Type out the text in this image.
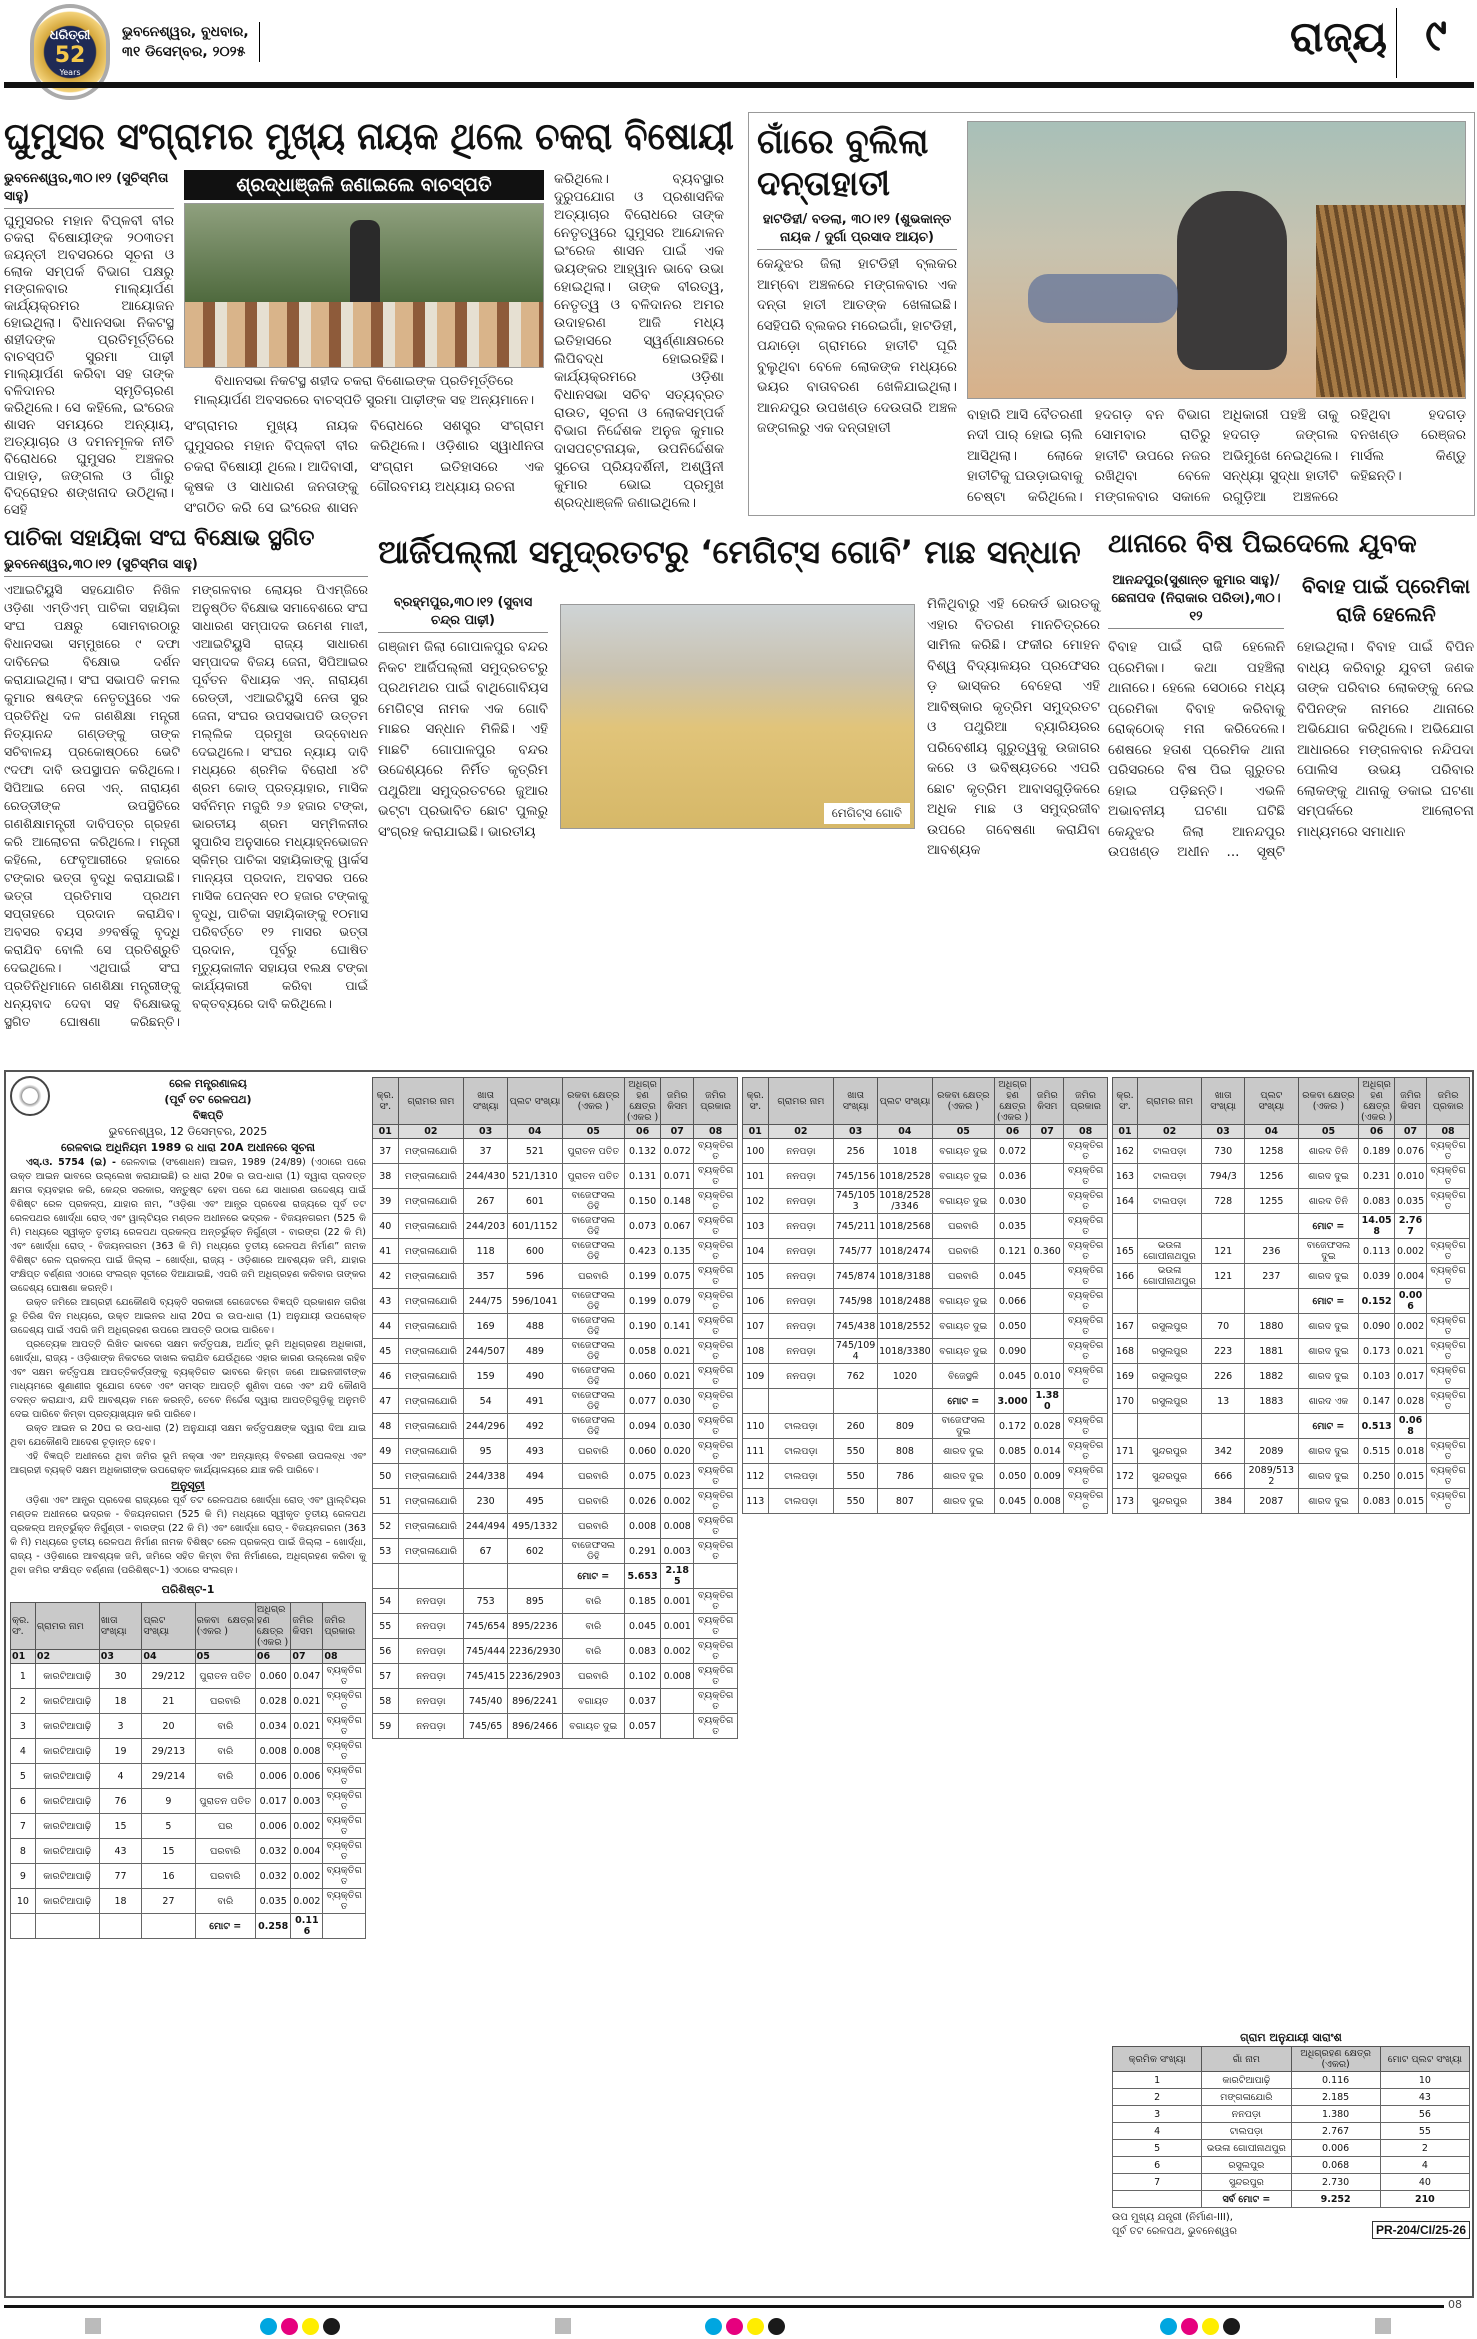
ଧରିତ୍ରୀ
52
Years
ଭୁବନେଶ୍ୱର, ବୁଧବାର,
୩୧ ଡିସେମ୍ବର, ୨୦୨୫	ରାଜ୍ୟ ୯
ଘୁମୁସର ସଂଗ୍ରାମର ମୁଖ୍ୟ ନାୟକ ଥିଲେ ଚକରା ବିଷୋୟୀ
ଭୁବନେଶ୍ୱର,୩୦।୧୨ (ସୁଚିସ୍ମିତା ସାହୁ)

ଘୁମୁସରର ମହାନ ବିପ୍ଳବୀ ବୀର ଚକରା ବିଷୋୟୀଙ୍କ ୨୦୩ତମ ଜୟନ୍ତୀ ଅବସରରେ ସୂଚନା ଓ ଲୋକ ସମ୍ପର୍କ ବିଭାଗ ପକ୍ଷରୁ ମଙ୍ଗଳବାର ମାଲ୍ୟାର୍ପଣ କାର୍ଯ୍ୟକ୍ରମର ଆୟୋଜନ ହୋଇଥିଲା। ବିଧାନସଭା ନିକଟସ୍ଥ ଶହୀଦଙ୍କ ପ୍ରତିମୂର୍ତ୍ତିରେ ବାଚସ୍ପତି ସୁରମା ପାଢ଼ୀ ମାଲ୍ୟାର୍ପଣ କରିବା ସହ ତାଙ୍କ ବଳିଦାନର ସ୍ମୃତିଚାରଣ କରିଥିଲେ। ସେ କହିଲେ, ଇଂରେଜ ଶାସନ ସମୟରେ ଅନ୍ୟାୟ, ଅତ୍ୟାଚାର ଓ ଦମନମୂଳକ ନୀତି ବିରୋଧରେ ଘୁମୁସର ଅଞ୍ଚଳର ପାହାଡ଼, ଜଙ୍ଗଲ ଓ ଗାଁରୁ ବିଦ୍ରୋହର ଶଙ୍ଖନାଦ ଉଠିଥିଲା। ସେହି

ଶ୍ରଦ୍ଧାଞ୍ଜଳି ଜଣାଇଲେ ବାଚସ୍ପତି
ବିଧାନସଭା ନିକଟସ୍ଥ ଶହୀଦ ଚକରା ବିଶୋଇଙ୍କ ପ୍ରତିମୂର୍ତ୍ତିରେ ମାଲ୍ୟାର୍ପଣ ଅବସରରେ ବାଚସ୍ପତି ସୁରମା ପାଢ଼ୀଙ୍କ ସହ ଅନ୍ୟମାନେ।

ସଂଗ୍ରାମର ମୁଖ୍ୟ ନାୟକ ଘୁମୁସରର ମହାନ ବିପ୍ଳବୀ ବୀର ଚକରା ବିଷୋୟୀ ଥିଲେ। ଆଦିବାସୀ, କୃଷକ ଓ ସାଧାରଣ ଜନତାଙ୍କୁ ସଂଗଠିତ କରି ସେ ଇଂରେଜ ଶାସନ ବିରୋଧରେ ସଶସ୍ତ୍ର ସଂଗ୍ରାମ କରିଥିଲେ। ଓଡ଼ିଶାର ସ୍ୱାଧୀନତା ସଂଗ୍ରାମ ଇତିହାସରେ ଏକ ଗୌରବମୟ ଅଧ୍ୟାୟ ରଚନା

କରିଥିଲେ। ବ୍ୟବସ୍ଥାର ଦୁରୁପଯୋଗ ଓ ପ୍ରଶାସନିକ ଅତ୍ୟାଚାର ବିରୋଧରେ ତାଙ୍କ ନେତୃତ୍ୱରେ ଘୁମୁସର ଆନ୍ଦୋଳନ ଇଂରେଜ ଶାସନ ପାଇଁ ଏକ ଭୟଙ୍କର ଆହ୍ୱାନ ଭାବେ ଉଭା ହୋଇଥିଲା। ତାଙ୍କ ବୀରତ୍ୱ, ନେତୃତ୍ୱ ଓ ବଳିଦାନର ଅମର ଉଦାହରଣ ଆଜି ମଧ୍ୟ ଇତିହାସରେ ସ୍ୱର୍ଣ୍ଣାକ୍ଷରରେ ଲିପିବଦ୍ଧ ହୋଇରହିଛି। କାର୍ଯ୍ୟକ୍ରମରେ ଓଡ଼ିଶା ବିଧାନସଭା ସଚିବ ସତ୍ୟବ୍ରତ ରାଉତ, ସୂଚନା ଓ ଲୋକସମ୍ପର୍କ ବିଭାଗ ନିର୍ଦ୍ଦେଶକ ଅନୁଜ କୁମାର ଦାସପଟ୍ଟନାୟକ, ଉପନିର୍ଦ୍ଦେଶକ ସୁଚେତା ପ୍ରିୟଦର୍ଶିନୀ, ଅଶ୍ୱିନୀ କୁମାର ଭୋଇ ପ୍ରମୁଖ ଶ୍ରଦ୍ଧାଞ୍ଜଳି ଜଣାଇଥିଲେ।

ଗାଁରେ ବୁଲିଲା ଦନ୍ତାହାତୀ
ହାଟଡିହୀ/ ବଡଲା, ୩୦।୧୨ (ଶୁଭକାନ୍ତ ନାୟକ / ଦୁର୍ଗା ପ୍ରସାଦ ଆୟଚ)

କେନ୍ଦୁଝର ଜିଲା ହାଟଡିହୀ ବ୍ଲକର ଆମ୍ବୋ ଅଞ୍ଚଳରେ ମଙ୍ଗଳବାର ଏକ ଦନ୍ତା ହାତୀ ଆତଙ୍କ ଖେଳାଇଛି। ସେହିପରି ବ୍ଲକର ମରେଇଗାଁ, ହାଟଡିହୀ, ପନ୍ଦାଡ଼ୋ ଗ୍ରାମରେ ହାତୀଟି ଘୂରି ବୁଲୁଥିବା ବେଳେ ଲୋକଙ୍କ ମଧ୍ୟରେ ଭୟର ବାତାବରଣ ଖେଳିଯାଇଥିଲା। ଆନନ୍ଦପୁର ଉପଖଣ୍ଡ ଦେଉତାରି ଅଞ୍ଚଳ ଜଙ୍ଗଲରୁ ଏକ ଦନ୍ତାହାତୀ

ବାହାରି ଆସି ବୈତରଣୀ ନଦୀ ପାର୍ ହୋଇ ଚାଲି ଆସିଥିଲା। ଲୋକେ ହାତୀଟିକୁ ଘଉଡ଼ାଇବାକୁ ଚେଷ୍ଟା କରିଥିଲେ। ହଦଗଡ଼ ବନ ବିଭାଗ ସୋମବାର ରାତିରୁ ହାତୀଟି ଉପରେ ନଜର ରଖିଥିବା ବେଳେ ମଙ୍ଗଳବାର ସକାଳେ ଅଧିକାରୀ ପହଞ୍ଚି ତାକୁ ହଦଗଡ଼ ଜଙ୍ଗଲ ଅଭିମୁଖେ ନେଇଥିଲେ। ସନ୍ଧ୍ୟା ସୁଦ୍ଧା ହାତୀଟି ରଗୁଡ଼ିଆ ଅଞ୍ଚଳରେ ରହିଥିବା ହଦଗଡ଼ ବନଖଣ୍ଡ ରେଞ୍ଜର ମାର୍ସଲ କିଣ୍ଡୁ କହିଛନ୍ତି।

ପାଚିକା ସହାୟିକା ସଂଘ ବିକ୍ଷୋଭ ସ୍ଥଗିତ
ଭୁବନେଶ୍ୱର,୩୦।୧୨ (ସୁଚିସ୍ମିତା ସାହୁ)

ଏଆଇଟିୟୁସି ସହଯୋଗିତ ନିଖିଳ ଓଡ଼ିଶା ଏମ୍‌ଡିଏମ୍ ପାଚିକା ସହାୟିକା ସଂଘ ପକ୍ଷରୁ ସୋମବାରଠାରୁ ବିଧାନସଭା ସମ୍ମୁଖରେ ୯ ଦଫା ଦାବିନେଇ ବିକ୍ଷୋଭ ଦର୍ଶନ କରାଯାଇଥିଲା। ସଂଘ ସଭାପତି କମଲ କୁମାର ଷଣ୍ଢଙ୍କ ନେତୃତ୍ୱରେ ଏକ ପ୍ରତିନିଧି ଦଳ ଗଣଶିକ୍ଷା ମନ୍ତ୍ରୀ ନିତ୍ୟାନନ୍ଦ ଗଣ୍ଡଙ୍କୁ ତାଙ୍କ ସଚିବାଳୟ ପ୍ରକୋଷ୍ଠରେ ଭେଟି ୯ଦଫା ଦାବି ଉପସ୍ଥାପନ କରିଥିଲେ। ସିପିଆଇ ନେତା ଏନ୍. ନାରାୟଣ ରେଡ୍ଡୀଙ୍କ ଉପସ୍ଥିତିରେ ଗଣଶିକ୍ଷାମନ୍ତ୍ରୀ ଦାବିପତ୍ର ଗ୍ରହଣ କରି ଆଲୋଚନା କରିଥିଲେ। ମନ୍ତ୍ରୀ କହିଲେ, ଫେବୃଆରୀରେ ହଜାରେ ଟଙ୍କାର ଭତ୍ତା ବୃଦ୍ଧି କରାଯାଇଛି। ଭତ୍ତା ପ୍ରତିମାସ ପ୍ରଥମ ସପ୍ତାହରେ ପ୍ରଦାନ କରାଯିବ। ଅବସର ବୟସ ୬୨ବର୍ଷକୁ ବୃଦ୍ଧି କରାଯିବ ବୋଲି ସେ ପ୍ରତିଶ୍ରୁତି ଦେଇଥିଲେ। ଏଥିପାଇଁ ସଂଘ ପ୍ରତିନିଧିମାନେ ଗଣଶିକ୍ଷା ମନ୍ତ୍ରୀଙ୍କୁ ଧନ୍ୟବାଦ ଦେବା ସହ ବିକ୍ଷୋଭକୁ ସ୍ଥଗିତ ଘୋଷଣା କରିଛନ୍ତି। ମଙ୍ଗଳବାର ଲୋୟର ପିଏମ୍‌ଜିରେ ଅନୁଷ୍ଠିତ ବିକ୍ଷୋଭ ସମାବେଶରେ ସଂଘ ସାଧାରଣ ସମ୍ପାଦକ ଉମେଶ ମାଝୀ, ଏଆଇଟିୟୁସି ରାଜ୍ୟ ସାଧାରଣ ସମ୍ପାଦକ ବିଜୟ ଜେନା, ସିପିଆଇର ପୂର୍ବତନ ବିଧାୟକ ଏନ୍. ନାରାୟଣ ରେଡ୍ଡୀ, ଏଆଇଟିୟୁସି ନେତା ସୁର ଜେନା, ସଂଘର ଉପସଭାପତି ଉତ୍ତମ ମଲ୍ଲିକ ପ୍ରମୁଖ ଉଦ୍‌ବୋଧନ ଦେଇଥିଲେ। ସଂଘର ନ୍ୟାୟ ଦାବି ମଧ୍ୟରେ ଶ୍ରମିକ ବିରୋଧୀ ୪ଟି ଶ୍ରମ କୋଡ୍ ପ୍ରତ୍ୟାହାର, ମାସିକ ସର୍ବନିମ୍ନ ମଜୁରି ୨୬ ହଜାର ଟଙ୍କା, ଭାରତୀୟ ଶ୍ରମ ସମ୍ମିଳନୀର ସୁପାରିସ ଅନୁସାରେ ମଧ୍ୟାହ୍ନଭୋଜନ ସ୍କିମ୍‌ର ପାଚିକା ସହାୟିକାଙ୍କୁ ୱାର୍କସ ମାନ୍ୟତା ପ୍ରଦାନ, ଅବସର ପରେ ମାସିକ ପେନ୍‌ସନ ୧୦ ହଜାର ଟଙ୍କାକୁ ବୃଦ୍ଧି, ପାଚିକା ସହାୟିକାଙ୍କୁ ୧୦ମାସ ପରିବର୍ତ୍ତେ ୧୨ ମାସର ଭତ୍ତା ପ୍ରଦାନ, ପୂର୍ବରୁ ଘୋଷିତ ମୃତ୍ୟୁକାଳୀନ ସହାୟତା ୧ଲକ୍ଷ ଟଙ୍କା କାର୍ଯ୍ୟକାରୀ କରିବା ପାଇଁ ବକ୍ତବ୍ୟରେ ଦାବି କରିଥିଲେ।

ଆର୍ଜିପଲ୍ଲୀ ସମୁଦ୍ରତଟରୁ ‘ମେଗିଟ୍ସ ଗୋବି’ ମାଛ ସନ୍ଧାନ
ବ୍ରହ୍ମପୁର,୩୦।୧୨ (ସୁବାସ ଚନ୍ଦ୍ର ପାଢ଼ୀ)

ଗଞ୍ଜାମ ଜିଲା ଗୋପାଳପୁର ବନ୍ଦର ନିକଟ ଆର୍ଜିପଲ୍ଲୀ ସମୁଦ୍ରତଟରୁ ପ୍ରଥମଥର ପାଇଁ ବାଥିଗୋବିୟସ ମେଗିଟ୍ସ ନାମକ ଏକ ଗୋବି ମାଛର ସନ୍ଧାନ ମିଳିଛି। ଏହି ମାଛଟି ଗୋପାଳପୁର ବନ୍ଦର ଉଦ୍ଦେଶ୍ୟରେ ନିର୍ମିତ କୃତ୍ରିମ ପଥୁରିଆ ସମୁଦ୍ରତଟରେ ଜୁଆର ଭଟ୍ଟା ପ୍ରଭାବିତ ଛୋଟ ପୁଲରୁ ସଂଗ୍ରହ କରାଯାଇଛି। ଭାରତୀୟ

ମେଗିଟ୍ସ ଗୋବି

ମିଳିଥିବାରୁ ଏହି ରେକର୍ଡ ଭାରତକୁ ଏହାର ବିତରଣ ମାନଚିତ୍ରରେ ସାମିଲ କରିଛି। ଫକୀର ମୋହନ ବିଶ୍ୱ ବିଦ୍ୟାଳୟର ପ୍ରଫେସର ଡ଼ ଭାସ୍କର ବେହେରା ଏହି ଆବିଷ୍କାର କୃତ୍ରିମ ସମୁଦ୍ରତଟ ଓ ପଥୁରିଆ ବ୍ୟାରିୟରର ପରିବେଶୀୟ ଗୁରୁତ୍ୱକୁ ଉଜାଗର କରେ ଓ ଭବିଷ୍ୟତରେ ଏପରି ଛୋଟ କୃତ୍ରିମ ଆବାସଗୁଡ଼ିକରେ ଅଧିକ ମାଛ ଓ ସମୁଦ୍ରଜୀବ ଉପରେ ଗବେଷଣା କରାଯିବା ଆବଶ୍ୟକ

ଥାନାରେ ବିଷ ପିଇଦେଲେ ଯୁବକ
ଆନନ୍ଦପୁର(ସୁଶାନ୍ତ କୁମାର ସାହୁ)/ ଛେନାପଦ (ନିରାକାର ପରିଡା),୩୦।୧୨
ବିବାହ ପାଇଁ ପ୍ରେମିକା ରାଜି ହେଲେନି

ବିବାହ ପାଇଁ ରାଜି ହେଲେନି ପ୍ରେମିକା। କଥା ପହଞ୍ଚିଲା ଥାନାରେ। ହେଲେ ସେଠାରେ ମଧ୍ୟ ପ୍ରେମିକା ବିବାହ କରିବାକୁ ରୋକ୍‌ଠୋକ୍ ମନା କରିଦେଲେ। ଶେଷରେ ହତାଶ ପ୍ରେମିକ ଥାନା ପରିସରରେ ବିଷ ପିଇ ଗୁରୁତର ହୋଇ ପଡ଼ିଛନ୍ତି। ଏଭଳି ଅଭାବନୀୟ ଘଟଣା ଘଟିଛି କେନ୍ଦୁଝର ଜିଲା ଆନନ୍ଦପୁର ଉପଖଣ୍ଡ ଅଧୀନ ... ସୃଷ୍ଟି ହୋଇଥିଲା। ବିବାହ ପାଇଁ ବିପିନ ବାଧ୍ୟ କରିବାରୁ ଯୁବତୀ ଜଣକ ତାଙ୍କ ପରିବାର ଲୋକଙ୍କୁ ନେଇ ବିପିନଙ୍କ ନାମରେ ଥାନାରେ ଅଭିଯୋଗ କରିଥିଲେ। ଅଭିଯୋଗ ଆଧାରରେ ମଙ୍ଗଳବାର ନନ୍ଦିପଦା ପୋଲିସ ଉଭୟ ପରିବାର ଲୋକଙ୍କୁ ଥାନାକୁ ଡକାଇ ଘଟଣା ସମ୍ପର୍କରେ ଆଲୋଚନା ମାଧ୍ୟମରେ ସମାଧାନ

ରେଳ ମନ୍ତ୍ରଣାଳୟ
(ପୂର୍ବ ତଟ ରେଳପଥ)
ବିଜ୍ଞପ୍ତି
ଭୁବନେଶ୍ୱର, 12 ଡିସେମ୍ବର, 2025
ରେଳବାଇ ଅଧିନିୟମ 1989 ର ଧାରା 20A ଅଧୀନରେ ସୂଚନା

ଏସ୍.ଓ. 5754 (ଇ) - ରେଳବାଇ (ସଂଶୋଧନ) ଆଇନ, 1989 (24/89) (ଏଠାରେ ପରେ ଉକ୍ତ ଆଇନ ଭାବରେ ଉଲ୍ଲେଖ କରାଯାଇଛି) ର ଧାରା 20କ ର ଉପ-ଧାରା (1) ଦ୍ୱାରା ପ୍ରଦତ୍ତ କ୍ଷମତା ବ୍ୟବହାର କରି, କେନ୍ଦ୍ର ସରକାର, ସନ୍ତୁଷ୍ଟ ହେବା ପରେ ଯେ ସାଧାରଣ ଉଦ୍ଦେଶ୍ୟ ପାଇଁ ବିଶିଷ୍ଟ ରେଳ ପ୍ରକଳ୍ପ, ଯାହାର ନାମ, “ଓଡ଼ିଶା ଏବଂ ଆନ୍ଧ୍ର ପ୍ରଦେଶ ରାଜ୍ୟରେ ପୂର୍ବ ତଟ ରେଳପଥର ଖୋର୍ଦ୍ଧା ରୋଡ୍ ଏବଂ ୱାଲ୍ଟିୟର ମଣ୍ଡଳ ଅଧୀନରେ ଭଦ୍ରକ - ବିଜୟନଗରମ (525 କି ମି) ମଧ୍ୟରେ ସ୍ୱୀକୃତ ତୃତୀୟ ରେଳପଥ ପ୍ରକଳ୍ପ ଅନ୍ତର୍ଭୁକ୍ତ ନିର୍ଗୁଣ୍ଡୀ - ବାରଙ୍ଗ (22 କି ମି) ଏବଂ ଖୋର୍ଦ୍ଧା ରୋଡ୍ - ବିଜୟନଗରମ (363 କି ମି) ମଧ୍ୟରେ ତୃତୀୟ ରେଳପଥ ନିର୍ମାଣ” ନାମକ ବିଶିଷ୍ଟ ରେଳ ପ୍ରକଳ୍ପ ପାଇଁ ଜିଲ୍ଲା – ଖୋର୍ଦ୍ଧା, ରାଜ୍ୟ - ଓଡ଼ିଶାରେ ଆବଶ୍ୟକ ଜମି, ଯାହାର ସଂକ୍ଷିପ୍ତ ବର୍ଣ୍ଣନା ଏଠାରେ ସଂଲଗ୍ନ ସୂଚୀରେ ଦିଆଯାଇଛି, ଏପରି ଜମି ଅଧିଗ୍ରହଣ କରିବାର ତାଙ୍କର ଉଦ୍ଦେଶ୍ୟ ଘୋଷଣା କରନ୍ତି।

ଉକ୍ତ ଜମିରେ ଆଗ୍ରହୀ ଯେକୌଣସି ବ୍ୟକ୍ତି ସରକାରୀ ଗେଜେଟରେ ବିଜ୍ଞପ୍ତି ପ୍ରକାଶନ ତାରିଖ ରୁ ତିରିଶ ଦିନ ମଧ୍ୟରେ, ଉକ୍ତ ଆଇନର ଧାରା 20ଘ ର ଉପ-ଧାରା (1) ଅନୁଯାୟୀ ଉପରୋକ୍ତ ଉଦ୍ଦେଶ୍ୟ ପାଇଁ ଏପରି ଜମି ଅଧିଗ୍ରହଣ ଉପରେ ଆପତ୍ତି ଉଠାଇ ପାରିବେ।

ପ୍ରତ୍ୟେକ ଆପତ୍ତି ଲିଖିତ ଭାବରେ ସକ୍ଷମ କର୍ତ୍ତୃପକ୍ଷ, ଅର୍ଥାତ୍ ଭୂମି ଅଧିଗ୍ରହଣ ଅଧିକାରୀ, ଖୋର୍ଦ୍ଧା, ରାଜ୍ୟ - ଓଡ଼ିଶାଙ୍କ ନିକଟରେ ଦାଖଲ କରାଯିବ ଯେଉଁଥିରେ ଏହାର କାରଣ ଉଲ୍ଲେଖ ରହିବ ଏବଂ ସକ୍ଷମ କର୍ତ୍ତୃପକ୍ଷ ଆପତ୍ତିକର୍ତ୍ତାଙ୍କୁ ବ୍ୟକ୍ତିଗତ ଭାବରେ କିମ୍ବା ଜଣେ ଆଇନଜୀବୀଙ୍କ ମାଧ୍ୟମରେ ଶୁଣାଣୀର ସୁଯୋଗ ଦେବେ ଏବଂ ସମସ୍ତ ଆପତ୍ତି ଶୁଣିବା ପରେ ଏବଂ ଯଦି କୌଣସି ତଦନ୍ତ କରାଯାଏ, ଯଦି ଆବଶ୍ୟକ ମନେ କରନ୍ତି, ତେବେ ନିର୍ଦ୍ଦେଶ ଦ୍ୱାରା ଆପତ୍ତିଗୁଡ଼ିକୁ ଅନୁମତି ଦେଇ ପାରିବେ କିମ୍ବା ପ୍ରତ୍ୟାଖ୍ୟାନ କରି ପାରିବେ।

ଉକ୍ତ ଆଇନ ର 20ଘ ର ଉପ-ଧାରା (2) ଅନୁଯାୟୀ ସକ୍ଷମ କର୍ତ୍ତୃପକ୍ଷଙ୍କ ଦ୍ୱାରା ଦିଆ ଯାଇ ଥିବା ଯେକୌଣସି ଆଦେଶ ଚୂଡ଼ାନ୍ତ ହେବ।

ଏହି ବିଜ୍ଞପ୍ତି ଅଧୀନରେ ଥିବା ଜମିର ଭୂମି ନକ୍ସା ଏବଂ ଅନ୍ୟାନ୍ୟ ବିବରଣୀ ଉପଲବ୍ଧ ଏବଂ ଆଗ୍ରହୀ ବ୍ୟକ୍ତି ସକ୍ଷମ ଅଧିକାରୀଙ୍କ ଉପରୋକ୍ତ କାର୍ଯ୍ୟାଳୟରେ ଯାଞ୍ଚ କରି ପାରିବେ।

ଅନୁସୂଚୀ

ଓଡ଼ିଶା ଏବଂ ଆନ୍ଧ୍ର ପ୍ରଦେଶ ରାଜ୍ୟରେ ପୂର୍ବ ତଟ ରେଳପଥର ଖୋର୍ଦ୍ଧା ରୋଡ୍ ଏବଂ ୱାଲ୍ଟିୟର ମଣ୍ଡଳ ଅଧୀନରେ ଭଦ୍ରକ - ବିଜୟନଗରମ (525 କି ମି) ମଧ୍ୟରେ ସ୍ୱୀକୃତ ତୃତୀୟ ରେଳପଥ ପ୍ରକଳ୍ପ ଅନ୍ତର୍ଭୁକ୍ତ ନିର୍ଗୁଣ୍ଡୀ - ବାରଙ୍ଗ (22 କି ମି) ଏବଂ ଖୋର୍ଦ୍ଧା ରୋଡ୍ - ବିଜୟନଗରମ (363 କି ମି) ମଧ୍ୟରେ ତୃତୀୟ ରେଳପଥ ନିର୍ମାଣ ନାମକ ବିଶିଷ୍ଟ ରେଳ ପ୍ରକଳ୍ପ ପାଇଁ ଜିଲ୍ଲା – ଖୋର୍ଦ୍ଧା, ରାଜ୍ୟ - ଓଡ଼ିଶାରେ ଆବଶ୍ୟକ ଜମି, ଜମିରେ ସହିତ କିମ୍ବା ବିନା ନିର୍ମାଣରେ, ଅଧିଗ୍ରହଣ କରିବା କୁ ଥିବା ଜମିର ସଂକ୍ଷିପ୍ତ ବର୍ଣ୍ଣନା (ପରିଶିଷ୍ଟ-1) ଏଠାରେ ସଂଲଗ୍ନ।

ପରିଶିଷ୍ଟ-1
କ୍ର. ସଂ.	ଗ୍ରାମର ନାମ	ଖାତା ସଂଖ୍ୟା	ପ୍ଲଟ ସଂଖ୍ୟା	ରକବା କ୍ଷେତ୍ର (ଏକର )	ଅଧିଗ୍ରହଣ କ୍ଷେତ୍ର (ଏକର )	ଜମିର କିସମ	ଜମିର ପ୍ରକାର
01	02	03	04	05	06	07	08
1	କାରଟିଆପାଢ଼ି	30	29/212	ପୁରାତନ ପତିତ	0.060	0.047	ବ୍ୟକ୍ତିଗତ
2	କାରଟିଆପାଢ଼ି	18	21	ଘରବାରି	0.028	0.021	ବ୍ୟକ୍ତିଗତ
3	କାରଟିଆପାଢ଼ି	3	20	ବାରି	0.034	0.021	ବ୍ୟକ୍ତିଗତ
4	କାରଟିଆପାଢ଼ି	19	29/213	ବାରି	0.008	0.008	ବ୍ୟକ୍ତିଗତ
5	କାରଟିଆପାଢ଼ି	4	29/214	ବାରି	0.006	0.006	ବ୍ୟକ୍ତିଗତ
6	କାରଟିଆପାଢ଼ି	76	9	ପୁରାତନ ପତିତ	0.017	0.003	ବ୍ୟକ୍ତିଗତ
7	କାରଟିଆପାଢ଼ି	15	5	ଘର	0.006	0.002	ବ୍ୟକ୍ତିଗତ
8	କାରଟିଆପାଢ଼ି	43	15	ଘରବାରି	0.032	0.004	ବ୍ୟକ୍ତିଗତ
9	କାରଟିଆପାଢ଼ି	77	16	ଘରବାରି	0.032	0.002	ବ୍ୟକ୍ତିଗତ
10	କାରଟିଆପାଢ଼ି	18	27	ବାରି	0.035	0.002	ବ୍ୟକ୍ତିଗତ
				ମୋଟ =	0.258	0.116	
କ୍ର. ସଂ.	ଗ୍ରାମର ନାମ	ଖାତା ସଂଖ୍ୟା	ପ୍ଲଟ ସଂଖ୍ୟା	ରକବା କ୍ଷେତ୍ର (ଏକର )	ଅଧିଗ୍ରହଣ କ୍ଷେତ୍ର (ଏକର )	ଜମିର କିସମ	ଜମିର ପ୍ରକାର
01	02	03	04	05	06	07	08
37	ମଙ୍ଗଳାଯୋରି	37	521	ପୁରାତନ ପତିତ	0.132	0.072	ବ୍ୟକ୍ତିଗତ
38	ମଙ୍ଗଳାଯୋରି	244/430	521/1310	ପୁରାତନ ପତିତ	0.131	0.071	ବ୍ୟକ୍ତିଗତ
39	ମଙ୍ଗଳାଯୋରି	267	601	ବାଜେଫସଲ ଡିହି	0.150	0.148	ବ୍ୟକ୍ତିଗତ
40	ମଙ୍ଗଳାଯୋରି	244/203	601/1152	ବାଜେଫସଲ ଡିହି	0.073	0.067	ବ୍ୟକ୍ତିଗତ
41	ମଙ୍ଗଳାଯୋରି	118	600	ବାଜେଫସଲ ଡିହି	0.423	0.135	ବ୍ୟକ୍ତିଗତ
42	ମଙ୍ଗଳାଯୋରି	357	596	ଘରବାରି	0.199	0.075	ବ୍ୟକ୍ତିଗତ
43	ମଙ୍ଗଳାଯୋରି	244/75	596/1041	ବାଜେଫସଲ ଡିହି	0.199	0.079	ବ୍ୟକ୍ତିଗତ
44	ମଙ୍ଗଳାଯୋରି	169	488	ବାଜେଫସଲ ଡିହି	0.190	0.141	ବ୍ୟକ୍ତିଗତ
45	ମଙ୍ଗଳାଯୋରି	244/507	489	ବାଜେଫସଲ ଡିହି	0.058	0.021	ବ୍ୟକ୍ତିଗତ
46	ମଙ୍ଗଳାଯୋରି	159	490	ବାଜେଫସଲ ଡିହି	0.060	0.021	ବ୍ୟକ୍ତିଗତ
47	ମଙ୍ଗଳାଯୋରି	54	491	ବାଜେଫସଲ ଡିହି	0.077	0.030	ବ୍ୟକ୍ତିଗତ
48	ମଙ୍ଗଳାଯୋରି	244/296	492	ବାଜେଫସଲ ଡିହି	0.094	0.030	ବ୍ୟକ୍ତିଗତ
49	ମଙ୍ଗଳାଯୋରି	95	493	ଘରବାରି	0.060	0.020	ବ୍ୟକ୍ତିଗତ
50	ମଙ୍ଗଳାଯୋରି	244/338	494	ଘରବାରି	0.075	0.023	ବ୍ୟକ୍ତିଗତ
51	ମଙ୍ଗଳାଯୋରି	230	495	ଘରବାରି	0.026	0.002	ବ୍ୟକ୍ତିଗତ
52	ମଙ୍ଗଳାଯୋରି	244/494	495/1332	ଘରବାରି	0.008	0.008	ବ୍ୟକ୍ତିଗତ
53	ମଙ୍ଗଳାଯୋରି	67	602	ବାଜେଫସଲ ଡିହି	0.291	0.003	ବ୍ୟକ୍ତିଗତ
				ମୋଟ =	5.653	2.185	
54	ନନପଡ଼ା	753	895	ବାରି	0.185	0.001	ବ୍ୟକ୍ତିଗତ
55	ନନପଡ଼ା	745/654	895/2236	ବାରି	0.045	0.001	ବ୍ୟକ୍ତିଗତ
56	ନନପଡ଼ା	745/444	2236/2930	ବାରି	0.083	0.002	ବ୍ୟକ୍ତିଗତ
57	ନନପଡ଼ା	745/415	2236/2903	ଘରବାରି	0.102	0.008	ବ୍ୟକ୍ତିଗତ
58	ନନପଡ଼ା	745/40	896/2241	ବଗାୟତ	0.037		ବ୍ୟକ୍ତିଗତ
59	ନନପଡ଼ା	745/65	896/2466	ବଗାୟତ ଦୁଇ	0.057		ବ୍ୟକ୍ତିଗତ
କ୍ର. ସଂ.	ଗ୍ରାମର ନାମ	ଖାତା ସଂଖ୍ୟା	ପ୍ଲଟ ସଂଖ୍ୟା	ରକବା କ୍ଷେତ୍ର (ଏକର )	ଅଧିଗ୍ରହଣ କ୍ଷେତ୍ର (ଏକର )	ଜମିର କିସମ	ଜମିର ପ୍ରକାର
01	02	03	04	05	06	07	08
100	ନନପଡ଼ା	256	1018	ବଗାୟତ ଦୁଇ	0.072		ବ୍ୟକ୍ତିଗତ
101	ନନପଡ଼ା	745/156	1018/2528	ବଗାୟତ ଦୁଇ	0.036		ବ୍ୟକ୍ତିଗତ
102	ନନପଡ଼ା	745/1053	1018/2528/3346	ବଗାୟତ ଦୁଇ	0.030		ବ୍ୟକ୍ତିଗତ
103	ନନପଡ଼ା	745/211	1018/2568	ଘରବାରି	0.035		ବ୍ୟକ୍ତିଗତ
104	ନନପଡ଼ା	745/77	1018/2474	ଘରବାରି	0.121	0.360	ବ୍ୟକ୍ତିଗତ
105	ନନପଡ଼ା	745/874	1018/3188	ଘରବାରି	0.045		ବ୍ୟକ୍ତିଗତ
106	ନନପଡ଼ା	745/98	1018/2488	ବଗାୟତ ଦୁଇ	0.066		ବ୍ୟକ୍ତିଗତ
107	ନନପଡ଼ା	745/438	1018/2552	ବଗାୟତ ଦୁଇ	0.050		ବ୍ୟକ୍ତିଗତ
108	ନନପଡ଼ା	745/1094	1018/3380	ବଗାୟତ ଦୁଇ	0.090		ବ୍ୟକ୍ତିଗତ
109	ନନପଡ଼ା	762	1020	ବିଜେସ୍ଥଳି	0.045	0.010	ବ୍ୟକ୍ତିଗତ
				ମୋଟ =	3.000	1.380	
110	ଟାଲପଡ଼ା	260	809	ବାଜେଫସଲ ଦୁଇ	0.172	0.028	ବ୍ୟକ୍ତିଗତ
111	ଟାଲପଡ଼ା	550	808	ଶାରଦ ଦୁଇ	0.085	0.014	ବ୍ୟକ୍ତିଗତ
112	ଟାଲପଡ଼ା	550	786	ଶାରଦ ଦୁଇ	0.050	0.009	ବ୍ୟକ୍ତିଗତ
113	ଟାଲପଡ଼ା	550	807	ଶାରଦ ଦୁଇ	0.045	0.008	ବ୍ୟକ୍ତିଗତ
କ୍ର. ସଂ.	ଗ୍ରାମର ନାମ	ଖାତା ସଂଖ୍ୟା	ପ୍ଲଟ ସଂଖ୍ୟା	ରକବା କ୍ଷେତ୍ର (ଏକର )	ଅଧିଗ୍ରହଣ କ୍ଷେତ୍ର (ଏକର )	ଜମିର କିସମ	ଜମିର ପ୍ରକାର
01	02	03	04	05	06	07	08
162	ଟାଲପଡ଼ା	730	1258	ଶାରଦ ତିନି	0.189	0.076	ବ୍ୟକ୍ତିଗତ
163	ଟାଲପଡ଼ା	794/3	1256	ଶାରଦ ଦୁଇ	0.231	0.010	ବ୍ୟକ୍ତିଗତ
164	ଟାଲପଡ଼ା	728	1255	ଶାରଦ ତିନି	0.083	0.035	ବ୍ୟକ୍ତିଗତ
				ମୋଟ =	14.058	2.767	
165	ଭଉଳା ଗୋପୀନାଥପୁର	121	236	ବାଜେଫସଲ ଦୁଇ	0.113	0.002	ବ୍ୟକ୍ତିଗତ
166	ଭଉଳା ଗୋପୀନାଥପୁର	121	237	ଶାରଦ ଦୁଇ	0.039	0.004	ବ୍ୟକ୍ତିଗତ
				ମୋଟ =	0.152	0.006	
167	ରସୁଲପୁର	70	1880	ଶାରଦ ଦୁଇ	0.090	0.002	ବ୍ୟକ୍ତିଗତ
168	ରସୁଲପୁର	223	1881	ଶାରଦ ଦୁଇ	0.173	0.021	ବ୍ୟକ୍ତିଗତ
169	ରସୁଲପୁର	226	1882	ଶାରଦ ଦୁଇ	0.103	0.017	ବ୍ୟକ୍ତିଗତ
170	ରସୁଲପୁର	13	1883	ଶାରଦ ଏକ	0.147	0.028	ବ୍ୟକ୍ତିଗତ
				ମୋଟ =	0.513	0.068	
171	ସୁନ୍ଦରପୁର	342	2089	ଶାରଦ ଦୁଇ	0.515	0.018	ବ୍ୟକ୍ତିଗତ
172	ସୁନ୍ଦରପୁର	666	2089/5132	ଶାରଦ ଦୁଇ	0.250	0.015	ବ୍ୟକ୍ତିଗତ
173	ସୁନ୍ଦରପୁର	384	2087	ଶାରଦ ଦୁଇ	0.083	0.015	ବ୍ୟକ୍ତିଗତ
ଗ୍ରାମ ଅନୁଯାୟୀ ସାରାଂଶ
କ୍ରମିକ ସଂଖ୍ୟା	ଗାଁ ନାମ	ଅଧିଗ୍ରହଣ କ୍ଷେତ୍ର (ଏକର)	ମୋଟ ପ୍ଲଟ ସଂଖ୍ୟା
1	କାରଟିଆପାଢ଼ି	0.116	10
2	ମଙ୍ଗଳାଯୋରି	2.185	43
3	ନନପଡ଼ା	1.380	56
4	ଟାଲପଡ଼ା	2.767	55
5	ଭଉଳା ଗୋପୀନାଥପୁର	0.006	2
6	ରସୁଲପୁର	0.068	4
7	ସୁନ୍ଦରପୁର	2.730	40
	ସର୍ବ ମୋଟ =	9.252	210
ଉପ ମୁଖ୍ୟ ଯନ୍ତ୍ରୀ (ନିର୍ମାଣ-III),
ପୂର୍ବ ତଟ ରେଳପଥ, ଭୁବନେଶ୍ୱର	PR-204/CI/25-26
08
